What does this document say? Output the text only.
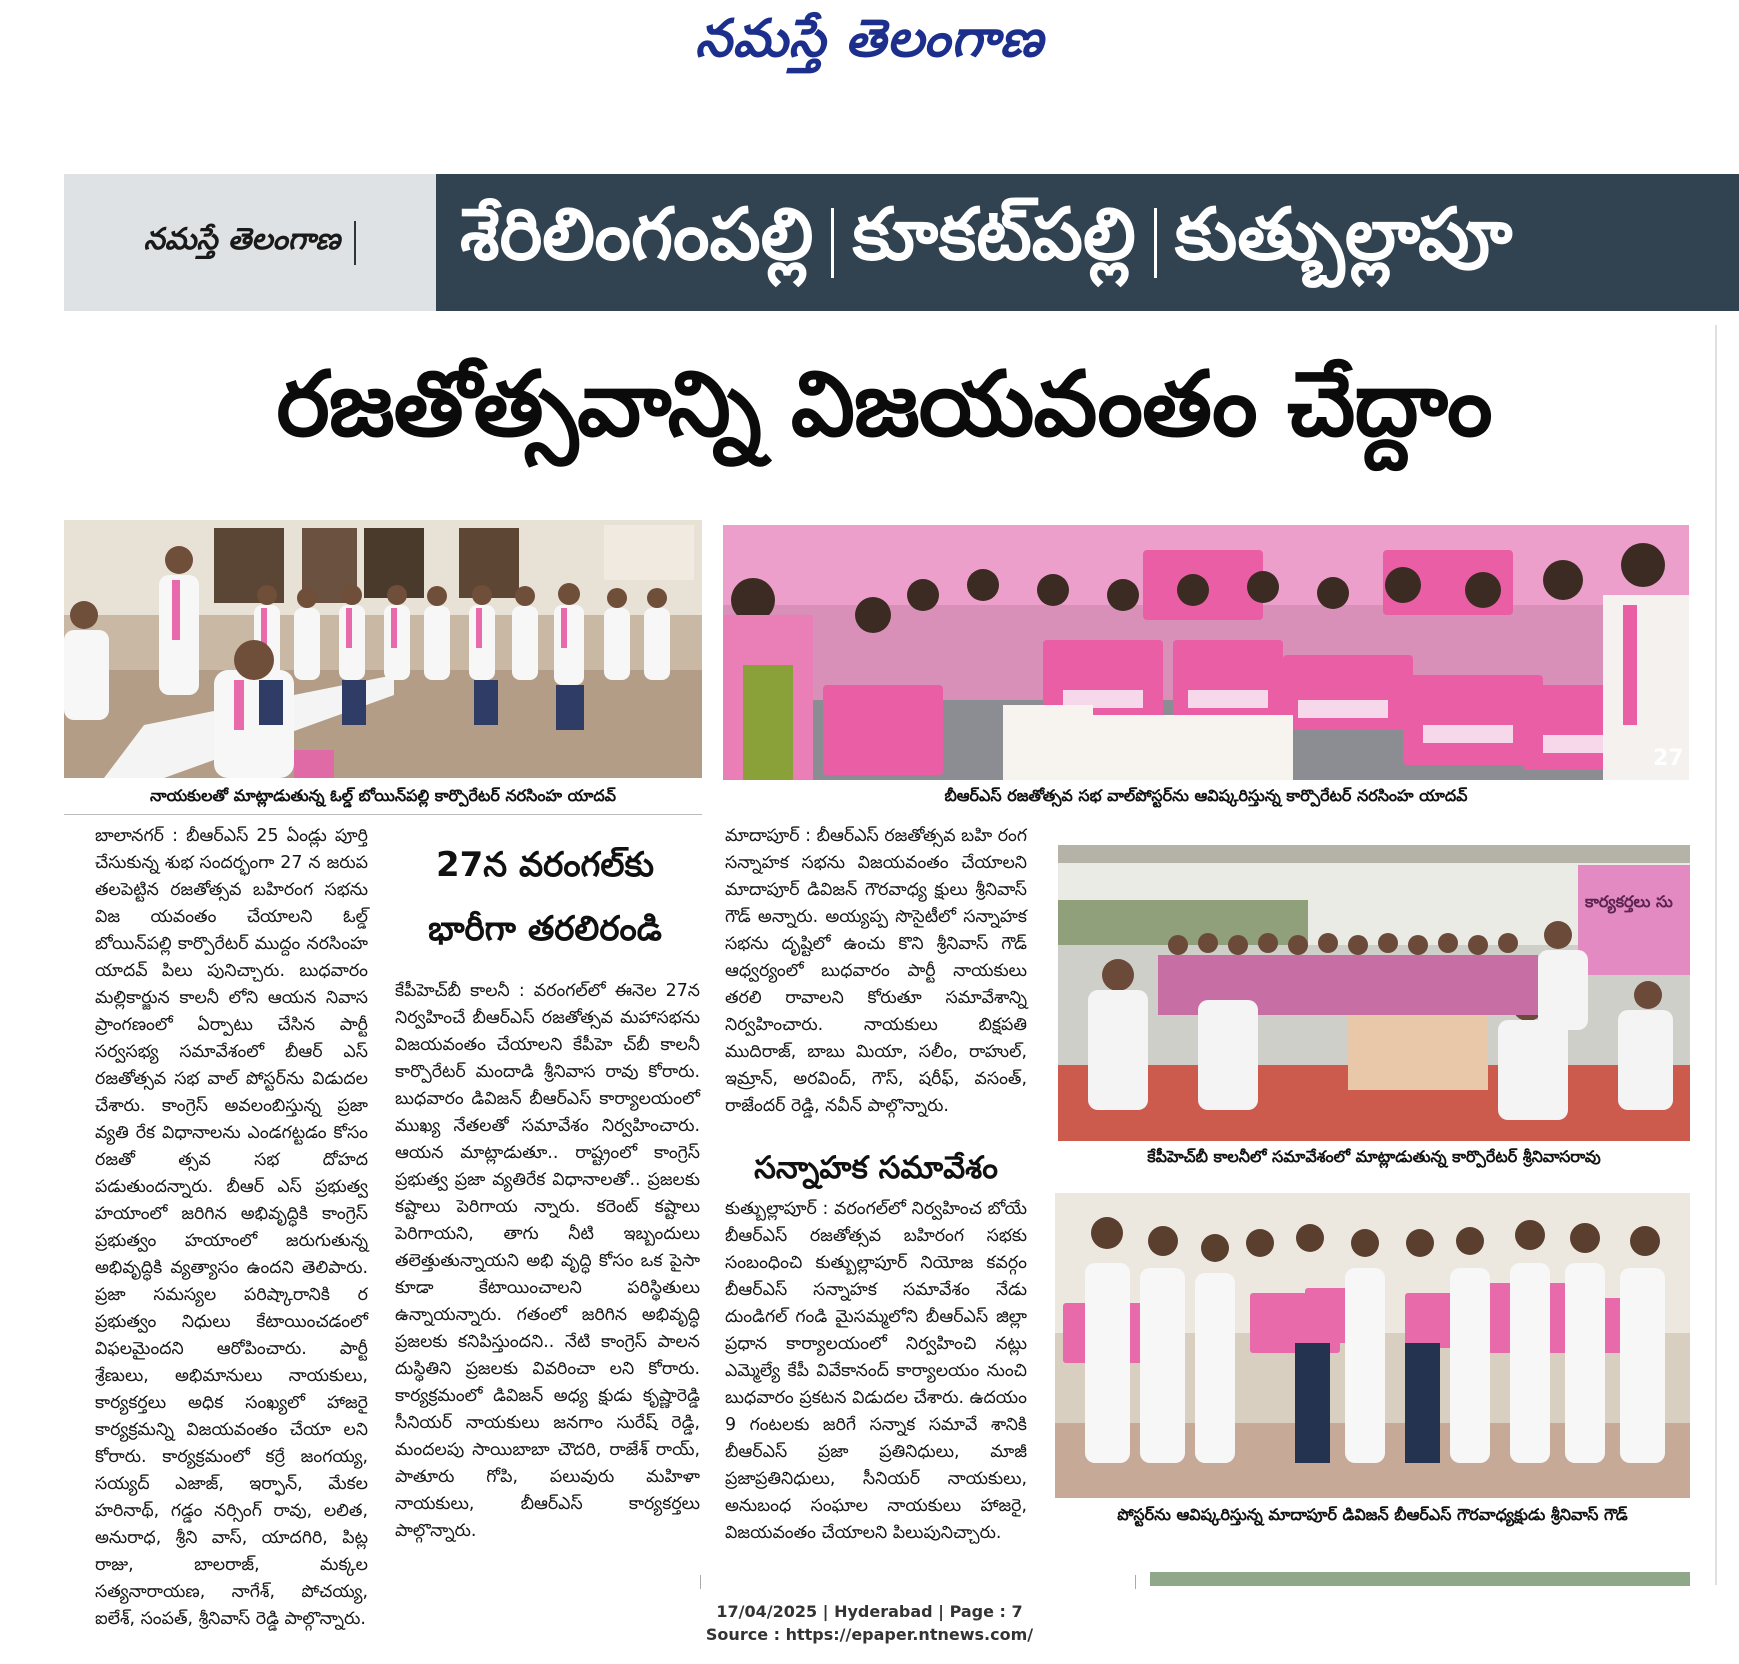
నమస్తే తెలంగాణ
నమస్తే తెలంగాణ శేరిలింగంపల్లి కూకట్‌పల్లి కుత్బుల్లాపూ
రజతోత్సవాన్ని విజయవంతం చేద్దాం
నాయకులతో మాట్లాడుతున్న ఓల్డ్ బోయిన్‌పల్లి కార్పొరేటర్ నరసింహ యాదవ్
27
బీఆర్ఎస్ రజతోత్సవ సభ వాల్‌పోస్టర్‌ను ఆవిష్కరిస్తున్న కార్పొరేటర్ నరసింహ యాదవ్
బాలానగర్ : బీఆర్ఎస్ 25 ఏండ్లు పూర్తి చేసుకున్న శుభ సందర్భంగా 27 న జరుప తలపెట్టిన రజతోత్సవ బహిరంగ సభను విజ యవంతం చేయాలని ఓల్డ్ బోయిన్‌పల్లి కార్పొరేటర్ ముద్దం నరసింహ యాదవ్ పిలు పునిచ్చారు. బుధవారం మల్లికార్జున కాలనీ లోని ఆయన నివాస ప్రాంగణంలో ఏర్పాటు చేసిన పార్టీ సర్వసభ్య సమావేశంలో బీఆర్ ఎస్ రజతోత్సవ సభ వాల్ పోస్టర్‌ను విడుదల చేశారు. కాంగ్రెస్ అవలంబిస్తున్న ప్రజా వ్యతి రేక విధానాలను ఎండగట్టడం కోసం రజతో త్సవ సభ దోహద పడుతుందన్నారు. బీఆర్ ఎస్ ప్రభుత్వ హయాంలో జరిగిన అభివృద్ధికి కాంగ్రెస్ ప్రభుత్వం హయాంలో జరుగుతున్న అభివృద్ధికి వ్యత్యాసం ఉందని తెలిపారు. ప్రజా సమస్యల పరిష్కారానికి ర ప్రభుత్వం నిధులు కేటాయించడంలో విఫలమైందని ఆరోపించారు. పార్టీ శ్రేణులు, అభిమానులు నాయకులు, కార్యకర్తలు అధిక సంఖ్యలో హాజరై కార్యక్రమన్ని విజయవంతం చేయా లని కోరారు. కార్యక్రమంలో కర్రే జంగయ్య, సయ్యద్ ఎజాజ్, ఇర్ఫాన్, మేకల హరినాథ్, గడ్డం నర్సింగ్ రావు, లలిత, అనురాధ, శ్రీని వాస్, యాదగిరి, పిట్ల రాజు, బాలరాజ్, మక్కల సత్యనారాయణ, నాగేశ్, పోచయ్య, ఐలేశ్, సంపత్, శ్రీనివాస్ రెడ్డి పాల్గొన్నారు.
27న వరంగల్‌కు
భారీగా తరలిరండి
కేపీహెచ్‌బీ కాలనీ : వరంగల్‌లో ఈనెల 27న నిర్వహించే బీఆర్ఎస్ రజతోత్సవ మహాసభను విజయవంతం చేయాలని కేపీహె చ్‌బీ కాలనీ కార్పొరేటర్ మందాడి శ్రీనివాస రావు కోరారు. బుధవారం డివిజన్ బీఆర్ఎస్ కార్యాలయంలో ముఖ్య నేతలతో సమావేశం నిర్వహించారు. ఆయన మాట్లాడుతూ.. రాష్ట్రంలో కాంగ్రెస్ ప్రభుత్వ ప్రజా వ్యతిరేక విధానాలతో.. ప్రజలకు కష్టాలు పెరిగాయ న్నారు. కరెంట్ కష్టాలు పెరిగాయని, తాగు నీటి ఇబ్బందులు తలెత్తుతున్నాయని అభి వృద్ధి కోసం ఒక పైసా కూడా కేటాయించాలని పరిస్థితులు ఉన్నాయన్నారు. గతంలో జరిగిన అభివృద్ధి ప్రజలకు కనిపిస్తుందని.. నేటి కాంగ్రెస్ పాలన దుస్థితిని ప్రజలకు వివరించా లని కోరారు. కార్యక్రమంలో డివిజన్ అధ్య క్షుడు కృష్ణారెడ్డి సీనియర్ నాయకులు జనగాం సురేష్ రెడ్డి, మందలపు సాయిబాబా చౌదరి, రాజేశ్ రాయ్, పాతూరు గోపి, పలువురు మహిళా నాయకులు, బీఆర్ఎస్ కార్యకర్తలు పాల్గొన్నారు.
మాదాపూర్ : బీఆర్ఎస్ రజతోత్సవ బహి రంగ సన్నాహక సభను విజయవంతం చేయాలని మాదాపూర్ డివిజన్ గౌరవాధ్య క్షులు శ్రీనివాస్ గౌడ్ అన్నారు. అయ్యప్ప సొసైటీలో సన్నాహక సభను దృష్టిలో ఉంచు కొని శ్రీనివాస్ గౌడ్ ఆధ్వర్యంలో బుధవారం పార్టీ నాయకులు తరలి రావాలని కోరుతూ సమావేశాన్ని నిర్వహించారు. నాయకులు బిక్షపతి ముదిరాజ్, బాబు మియా, సలీం, రాహుల్, ఇమ్రాన్, అరవింద్, గౌస్, షరీఫ్, వసంత్, రాజేందర్ రెడ్డి, నవీన్ పాల్గొన్నారు.
సన్నాహక సమావేశం
కుత్బుల్లాపూర్ : వరంగల్‌లో నిర్వహించ బోయే బీఆర్ఎస్ రజతోత్సవ బహిరంగ సభకు సంబంధించి కుత్బుల్లాపూర్ నియోజ కవర్గం బీఆర్ఎస్ సన్నాహక సమావేశం నేడు దుండిగల్ గండి మైసమ్మలోని బీఆర్ఎస్ జిల్లా ప్రధాన కార్యాలయంలో నిర్వహించి నట్లు ఎమ్మెల్యే కేపీ వివేకానంద్ కార్యాలయం నుంచి బుధవారం ప్రకటన విడుదల చేశారు. ఉదయం 9 గంటలకు జరిగే సన్నాక సమావే శానికి బీఆర్ఎస్ ప్రజా ప్రతినిధులు, మాజీ ప్రజాప్రతినిధులు, సీనియర్ నాయకులు, అనుబంధ సంఘాల నాయకులు హాజరై, విజయవంతం చేయాలని పిలుపునిచ్చారు.
కార్యకర్తలు సు
కేపీహెచ్‌బీ కాలనీలో సమావేశంలో మాట్లాడుతున్న కార్పొరేటర్ శ్రీనివాసరావు
పోస్టర్‌ను ఆవిష్కరిస్తున్న మాదాపూర్ డివిజన్ బీఆర్ఎస్ గౌరవాధ్యక్షుడు శ్రీనివాస్ గౌడ్
17/04/2025 | Hyderabad | Page : 7
Source : https://epaper.ntnews.com/
